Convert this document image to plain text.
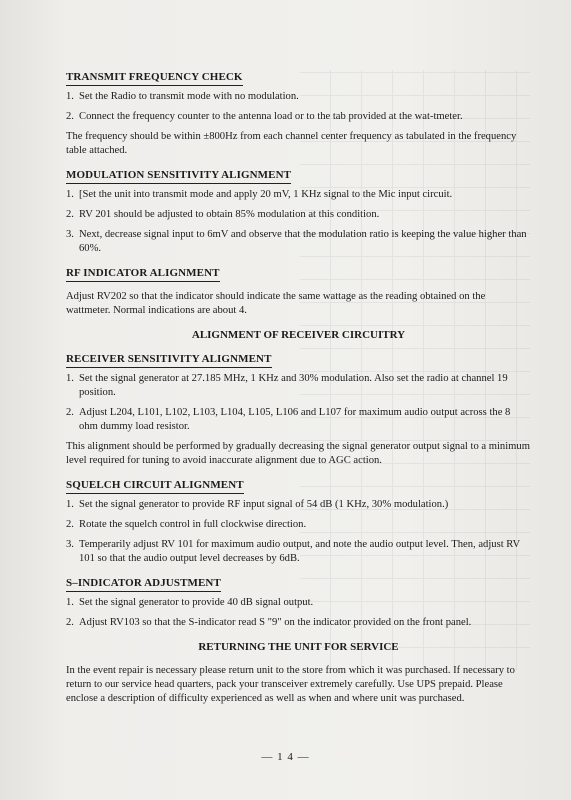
TRANSMIT FREQUENCY CHECK
1. Set the Radio to transmit mode with no modulation.
2. Connect the frequency counter to the antenna load or to the tab provided at the wat-tmeter.

The frequency should be within ±800Hz from each channel center frequency as tabulated in the frequency table attached.

MODULATION SENSITIVITY ALIGNMENT
1. [Set the unit into transmit mode and apply 20 mV, 1 KHz signal to the Mic input circuit.
2. RV 201 should be adjusted to obtain 85% modulation at this condition.
3. Next, decrease signal input to 6mV and observe that the modulation ratio is keeping the value higher than 60%.
RF INDICATOR ALIGNMENT

Adjust RV202 so that the indicator should indicate the same wattage as the reading obtained on the wattmeter. Normal indications are about 4.

ALIGNMENT OF RECEIVER CIRCUITRY
RECEIVER SENSITIVITY ALIGNMENT
1. Set the signal generator at 27.185 MHz, 1 KHz and 30% modulation. Also set the radio at channel 19 position.
2. Adjust L204, L101, L102, L103, L104, L105, L106 and L107 for maximum audio output across the 8 ohm dummy load resistor.

This alignment should be performed by gradually decreasing the signal generator output signal to a minimum level required for tuning to avoid inaccurate alignment due to AGC action.

SQUELCH CIRCUIT ALIGNMENT
1. Set the signal generator to provide RF input signal of 54 dB (1 KHz, 30% modulation.)
2. Rotate the squelch control in full clockwise direction.
3. Temperarily adjust RV 101 for maximum audio output, and note the audio output level. Then, adjust RV 101 so that the audio output level decreases by 6dB.
S–INDICATOR ADJUSTMENT
1. Set the signal generator to provide 40 dB signal output.
2. Adjust RV103 so that the S-indicator read S "9" on the indicator provided on the front panel.
RETURNING THE UNIT FOR SERVICE

In the event repair is necessary please return unit to the store from which it was purchased. If necessary to return to our service head quarters, pack your transceiver extremely carefully. Use UPS prepaid. Please enclose a description of difficulty experienced as well as when and where unit was purchased.

— 1 4 —
